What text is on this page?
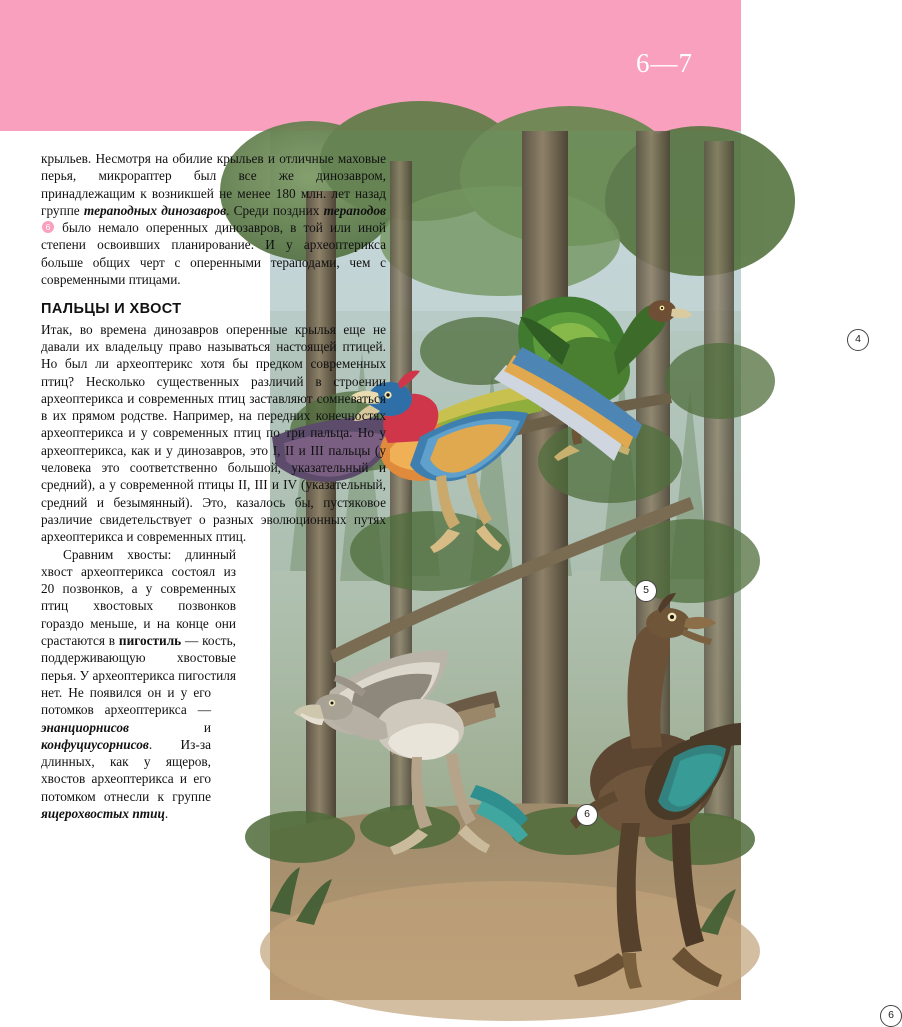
6—7
4
5
6
6

крыльев. Несмотря на обилие крыльев и отличные маховые перья, микрораптер был все же динозавром, принадлежащим к возникшей не менее 180 млн. лет назад группе тераподных динозавров. Среди поздних тераподов6 было немало оперенных динозавров, в той или иной степени освоивших планирование. И у археоптерикса больше общих черт с оперенными тераподами, чем с современными птицами.

ПАЛЬЦЫ И ХВОСТ

Итак, во времена динозавров оперенные крылья еще не давали их владельцу право называться настоящей птицей. Но был ли археоптерикс хотя бы предком современных птиц? Несколько существенных различий в строении археоптерикса и современных птиц заставляют сомневаться в их прямом родстве. Например, на передних конечностях археоптерикса и у современных птиц по три пальца. Но у археоптерикса, как и у динозавров, это I, II и III пальцы (у человека это соответственно большой, указательный и средний), а у современной птицы II, III и IV (указательный, средний и безымянный). Это, казалось бы, пустяковое различие свидетельствует о разных эволюционных путях археоптерикса и современных птиц.

Сравним хвосты: длинный хвост археоптерикса состоял из 20 позвонков, а у современных птиц хвостовых позвонков гораздо меньше, и на конце они срастаются в пигостиль — кость, поддерживающую хвостовые перья. У археоптерикса пигостиля нет. Не появился он и у его потомков археоптерикса — энанциорнисов и конфуциусорнисов. Из-за длинных, как у ящеров, хвостов археоптерикса и его потомком отнесли к группе ящерохвостых птиц.
